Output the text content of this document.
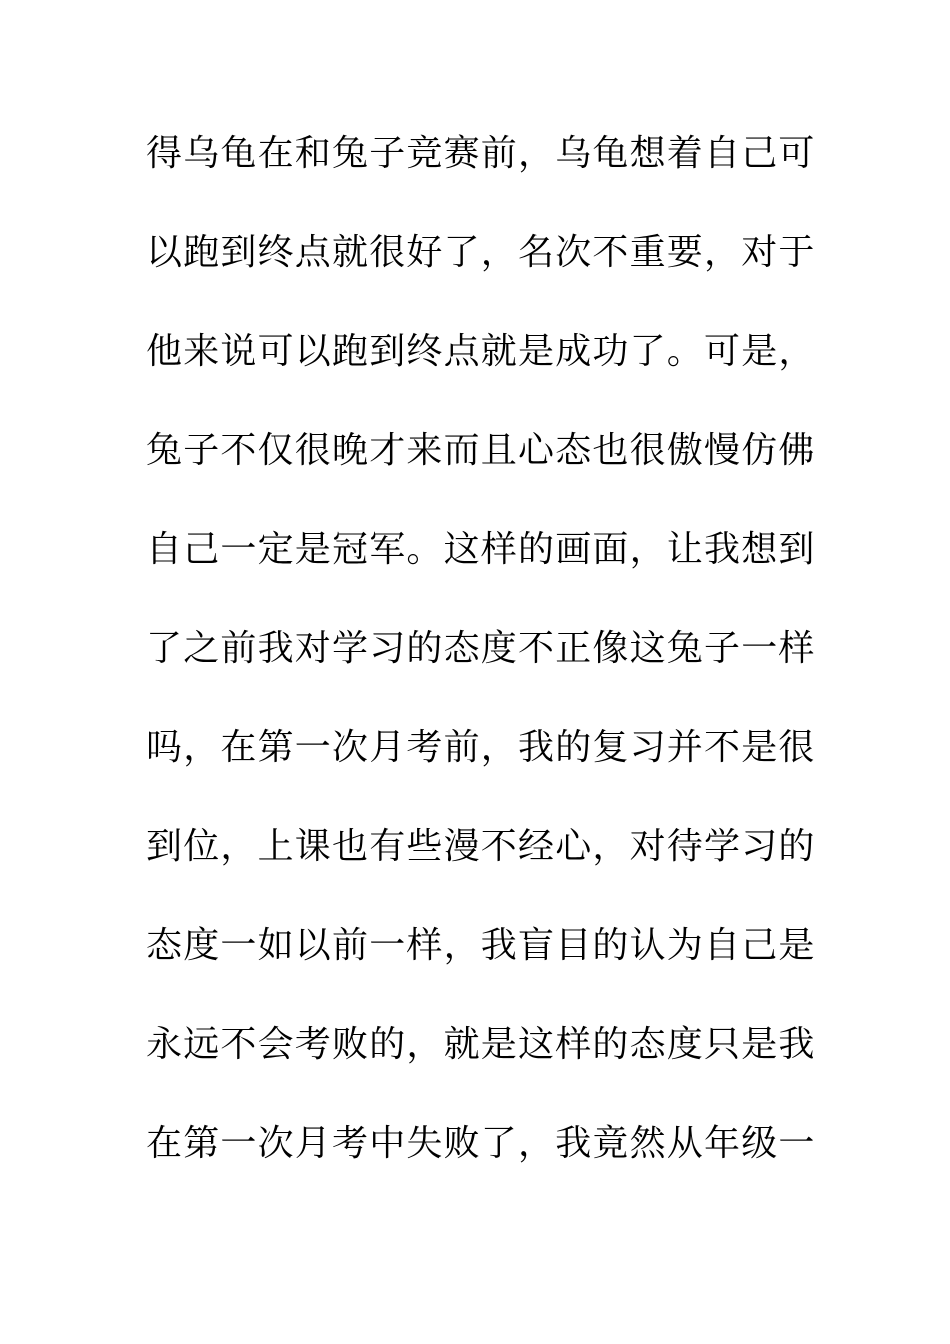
得乌龟在和兔子竞赛前，乌龟想着自己可
以跑到终点就很好了，名次不重要，对于
他来说可以跑到终点就是成功了。可是，
兔子不仅很晚才来而且心态也很傲慢仿佛
自己一定是冠军。这样的画面，让我想到
了之前我对学习的态度不正像这兔子一样
吗，在第一次月考前，我的复习并不是很
到位，上课也有些漫不经心，对待学习的
态度一如以前一样，我盲目的认为自己是
永远不会考败的，就是这样的态度只是我
在第一次月考中失败了，我竟然从年级一
